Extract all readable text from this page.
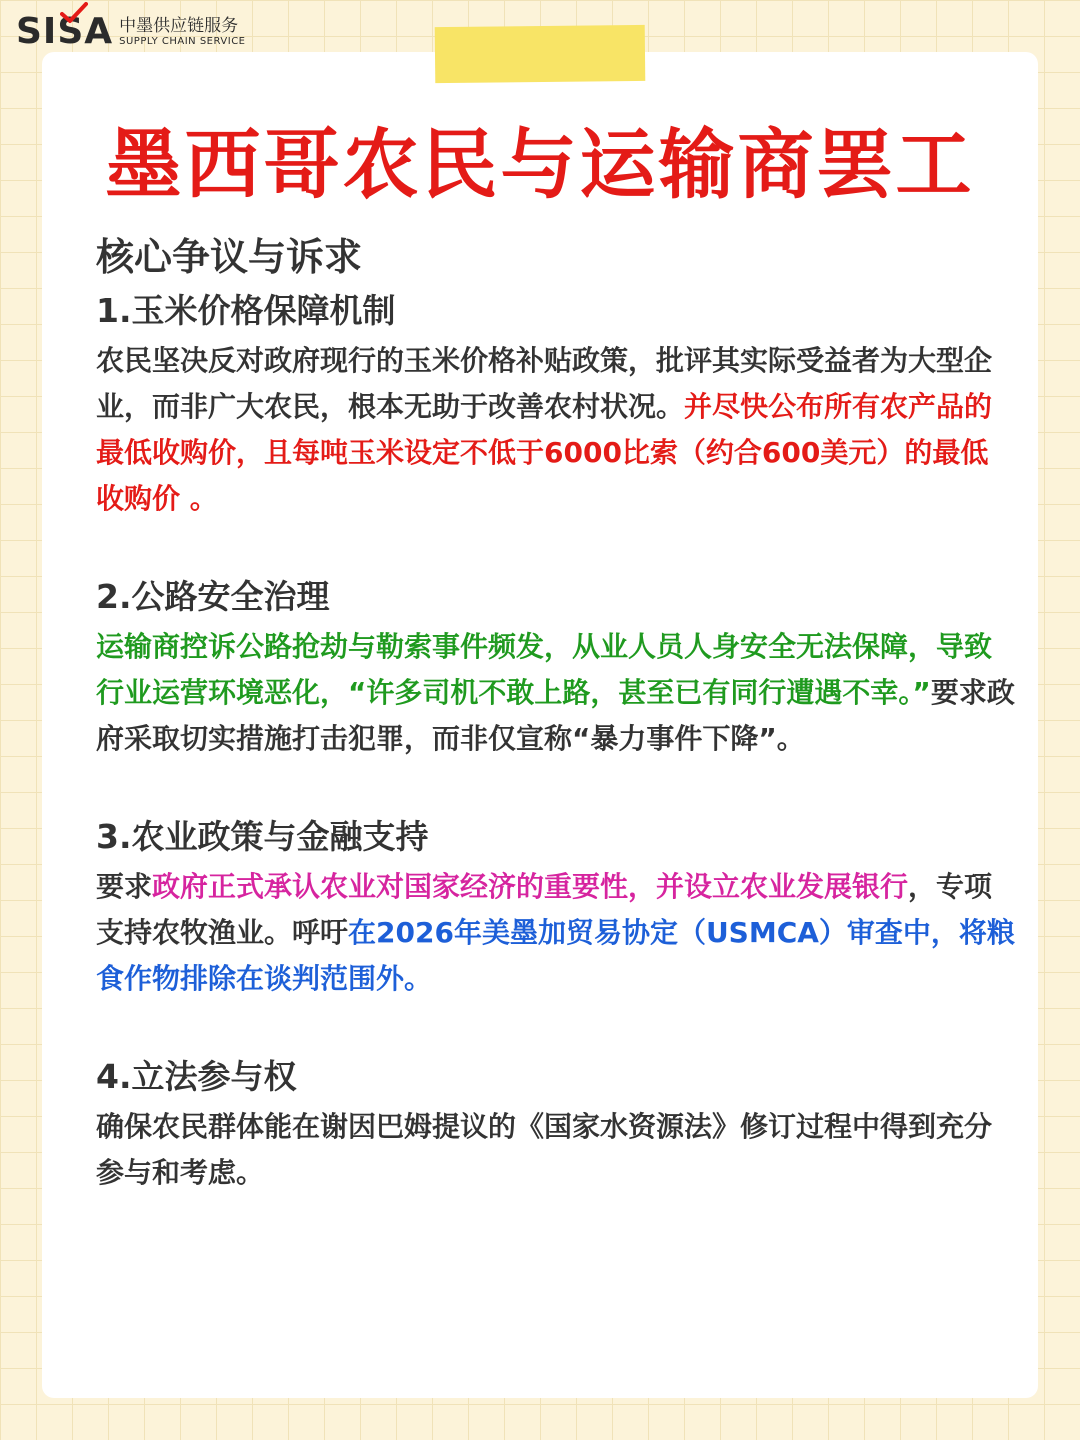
SISA 中墨供应链服务
SUPPLY CHAIN SERVICE
墨西哥农民与运输商罢工
核心争议与诉求
1.玉米价格保障机制

农民坚决反对政府现行的玉米价格补贴政策，批评其实际受益者为大型企业，而非广大农民，根本无助于改善农村状况。并尽快公布所有农产品的最低收购价，且每吨玉米设定不低于6000比索（约合600美元）的最低收购价 。

2.公路安全治理

运输商控诉公路抢劫与勒索事件频发，从业人员人身安全无法保障，导致行业运营环境恶化，“许多司机不敢上路，甚至已有同行遭遇不幸。”要求政府采取切实措施打击犯罪，而非仅宣称“暴力事件下降”。

3.农业政策与金融支持

要求政府正式承认农业对国家经济的重要性，并设立农业发展银行，专项支持农牧渔业。呼吁在2026年美墨加贸易协定（USMCA）审查中，将粮食作物排除在谈判范围外。

4.立法参与权

确保农民群体能在谢因巴姆提议的《国家水资源法》修订过程中得到充分参与和考虑。
